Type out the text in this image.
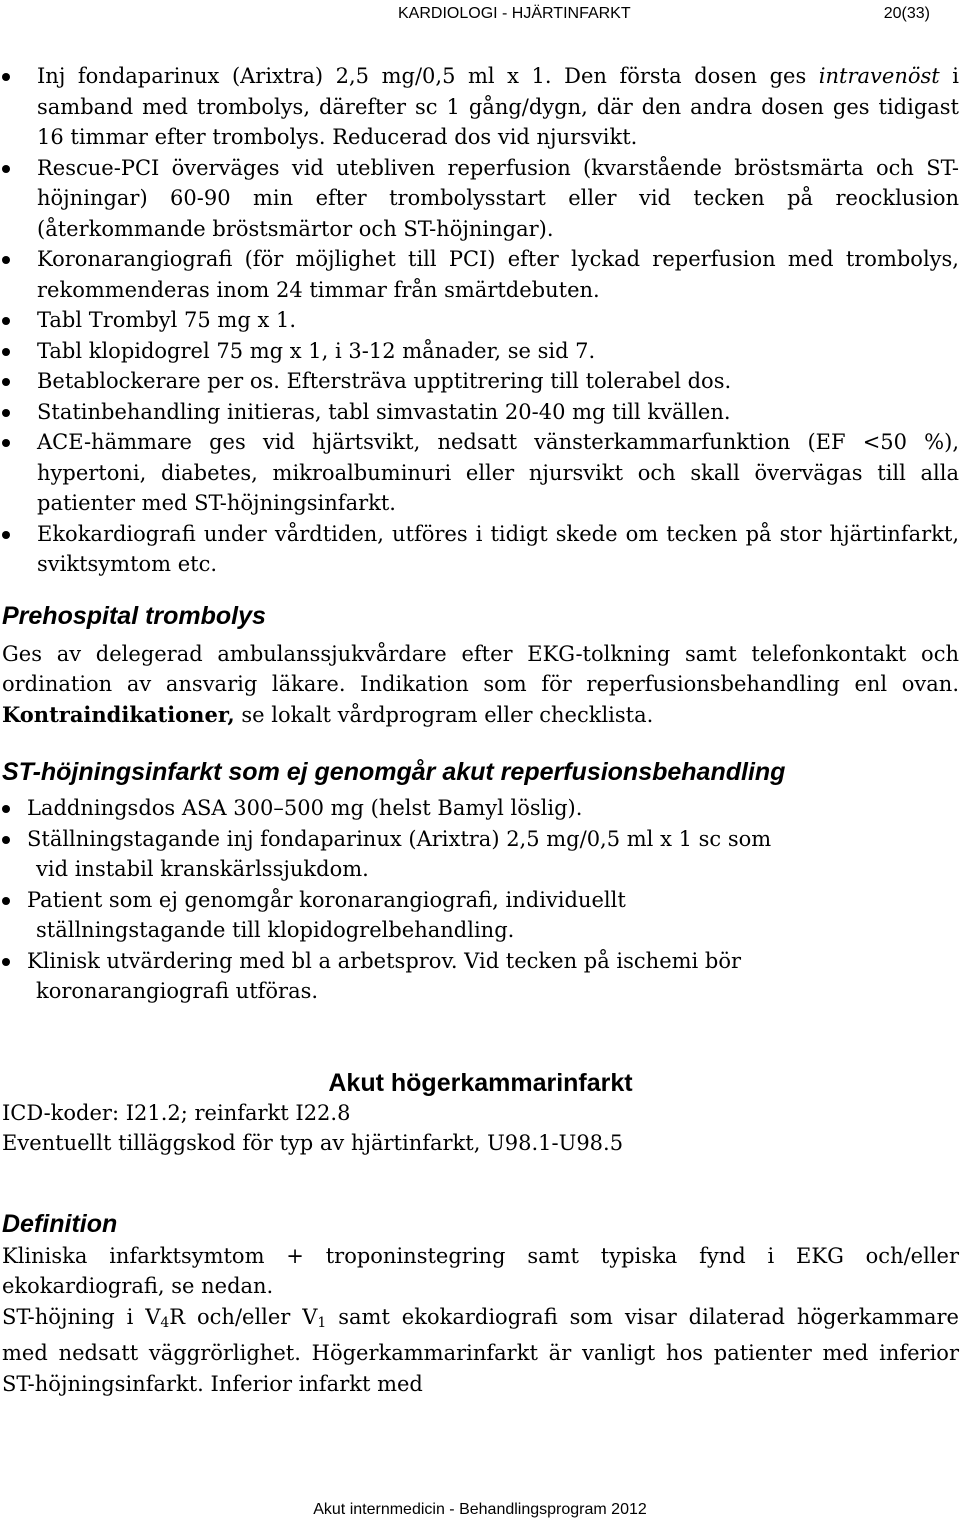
KARDIOLOGI - HJÄRTINFARKT	20(33)
Inj fondaparinux (Arixtra) 2,5 mg/0,5 ml x 1. Den första dosen ges intravenöst i samband med trombolys, därefter sc 1 gång/dygn, där den andra dosen ges tidigast 16 timmar efter trombolys. Reducerad dos vid njursvikt.
Rescue-PCI överväges vid utebliven reperfusion (kvarstående bröstsmärta och ST-höjningar) 60-90 min efter trombolysstart eller vid tecken på reocklusion (återkommande bröstsmärtor och ST-höjningar).
Koronarangiografi (för möjlighet till PCI) efter lyckad reperfusion med trombolys, rekommenderas inom 24 timmar från smärtdebuten.
Tabl Trombyl 75 mg x 1.
Tabl klopidogrel 75 mg x 1, i 3-12 månader, se sid 7.
Betablockerare per os. Eftersträva upptitrering till tolerabel dos.
Statinbehandling initieras, tabl simvastatin 20-40 mg till kvällen.
ACE-hämmare ges vid hjärtsvikt, nedsatt vänsterkammarfunktion (EF <50 %), hypertoni, diabetes, mikroalbuminuri eller njursvikt och skall övervägas till alla patienter med ST-höjningsinfarkt.
Ekokardiografi under vårdtiden, utföres i tidigt skede om tecken på stor hjärtinfarkt, sviktsymtom etc.
Prehospital trombolys

Ges av delegerad ambulanssjukvårdare efter EKG-tolkning samt telefonkontakt och ordination av ansvarig läkare. Indikation som för reperfusionsbehandling enl ovan. Kontraindikationer, se lokalt vårdprogram eller checklista.

ST-höjningsinfarkt som ej genomgår akut reperfusionsbehandling
Laddningsdos ASA 300–500 mg (helst Bamyl löslig).
Ställningstagande inj fondaparinux (Arixtra) 2,5 mg/0,5 ml x 1 sc som
vid instabil kranskärlssjukdom.
Patient som ej genomgår koronarangiografi, individuellt
ställningstagande till klopidogrelbehandling.
Klinisk utvärdering med bl a arbetsprov. Vid tecken på ischemi bör
koronarangiografi utföras.
Akut högerkammarinfarkt
ICD-koder: I21.2; reinfarkt I22.8
Eventuellt tilläggskod för typ av hjärtinfarkt, U98.1-U98.5
Definition

Kliniska infarktsymtom + troponinstegring samt typiska fynd i EKG och/eller ekokardiografi, se nedan.

ST-höjning i $V_4R$ och/eller $V_1$ samt ekokardiografi som visar dilaterad högerkammare med nedsatt väggrörlighet. Högerkammarinfarkt är vanligt hos patienter med inferior ST-höjningsinfarkt. Inferior infarkt med

Akut internmedicin - Behandlingsprogram 2012
